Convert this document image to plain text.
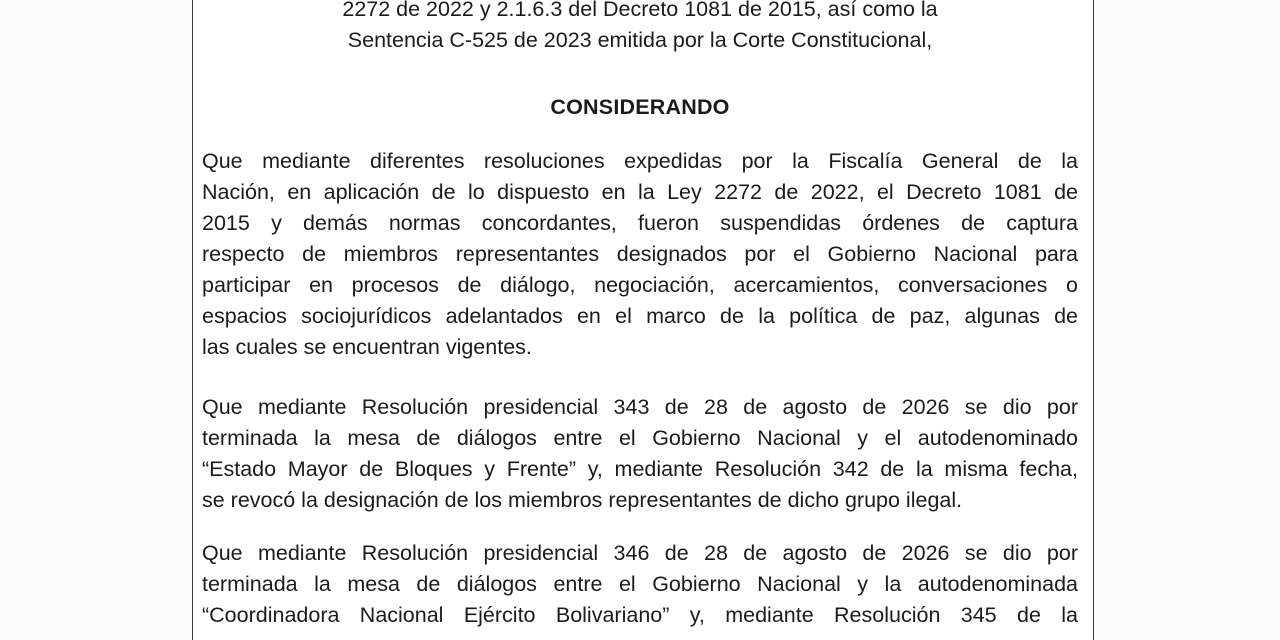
2272 de 2022 y 2.1.6.3 del Decreto 1081 de 2015, así como la
Sentencia C-525 de 2023 emitida por la Corte Constitucional,
CONSIDERANDO
Que mediante diferentes resoluciones expedidas por la Fiscalía General de la
Nación, en aplicación de lo dispuesto en la Ley 2272 de 2022, el Decreto 1081 de
2015 y demás normas concordantes, fueron suspendidas órdenes de captura
respecto de miembros representantes designados por el Gobierno Nacional para
participar en procesos de diálogo, negociación, acercamientos, conversaciones o
espacios sociojurídicos adelantados en el marco de la política de paz, algunas de
las cuales se encuentran vigentes.
Que mediante Resolución presidencial 343 de 28 de agosto de 2026 se dio por
terminada la mesa de diálogos entre el Gobierno Nacional y el autodenominado
“Estado Mayor de Bloques y Frente” y, mediante Resolución 342 de la misma fecha,
se revocó la designación de los miembros representantes de dicho grupo ilegal.
Que mediante Resolución presidencial 346 de 28 de agosto de 2026 se dio por
terminada la mesa de diálogos entre el Gobierno Nacional y la autodenominada
“Coordinadora Nacional Ejército Bolivariano” y, mediante Resolución 345 de la
